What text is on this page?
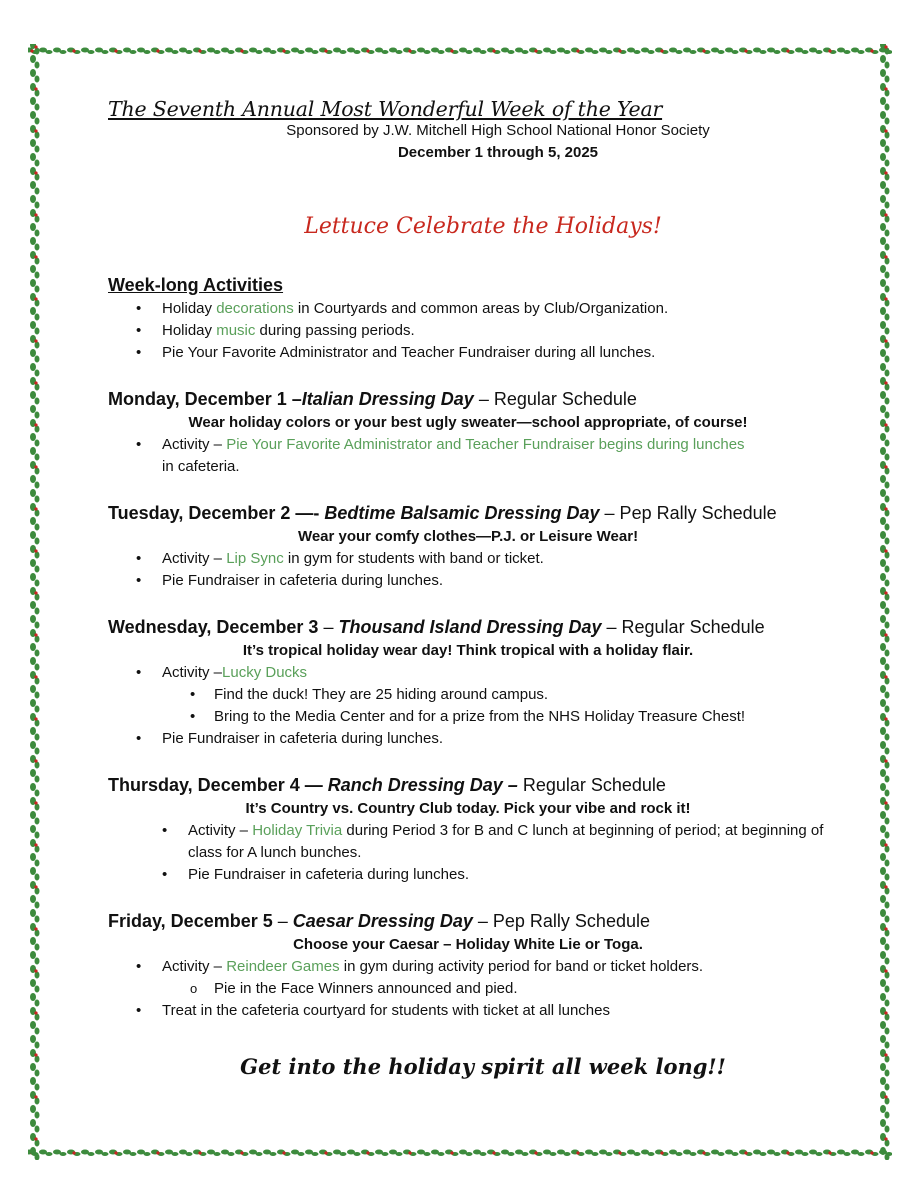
The Seventh Annual Most Wonderful Week of the Year
Sponsored by J.W. Mitchell High School National Honor Society
December 1 through 5, 2025
Lettuce Celebrate the Holidays!
Week-long Activities
• Holiday decorations in Courtyards and common areas by Club/Organization.
• Holiday music during passing periods.
• Pie Your Favorite Administrator and Teacher Fundraiser during all lunches.
Monday, December 1 –Italian Dressing Day – Regular Schedule
Wear holiday colors or your best ugly sweater—school appropriate, of course!
• Activity – Pie Your Favorite Administrator and Teacher Fundraiser begins during lunches
in cafeteria.
Tuesday, December 2 —- Bedtime Balsamic Dressing Day – Pep Rally Schedule
Wear your comfy clothes—P.J. or Leisure Wear!
• Activity – Lip Sync in gym for students with band or ticket.
• Pie Fundraiser in cafeteria during lunches.
Wednesday, December 3 – Thousand Island Dressing Day – Regular Schedule
It’s tropical holiday wear day! Think tropical with a holiday flair.
• Activity –Lucky Ducks
• Find the duck! They are 25 hiding around campus.
• Bring to the Media Center and for a prize from the NHS Holiday Treasure Chest!
• Pie Fundraiser in cafeteria during lunches.
Thursday, December 4 — Ranch Dressing Day – Regular Schedule
It’s Country vs. Country Club today. Pick your vibe and rock it!
• Activity – Holiday Trivia during Period 3 for B and C lunch at beginning of period; at beginning of class for A lunch bunches.
• Pie Fundraiser in cafeteria during lunches.
Friday, December 5 – Caesar Dressing Day – Pep Rally Schedule
Choose your Caesar – Holiday White Lie or Toga.
• Activity – Reindeer Games in gym during activity period for band or ticket holders.
o Pie in the Face Winners announced and pied.
• Treat in the cafeteria courtyard for students with ticket at all lunches
Get into the holiday spirit all week long!!
